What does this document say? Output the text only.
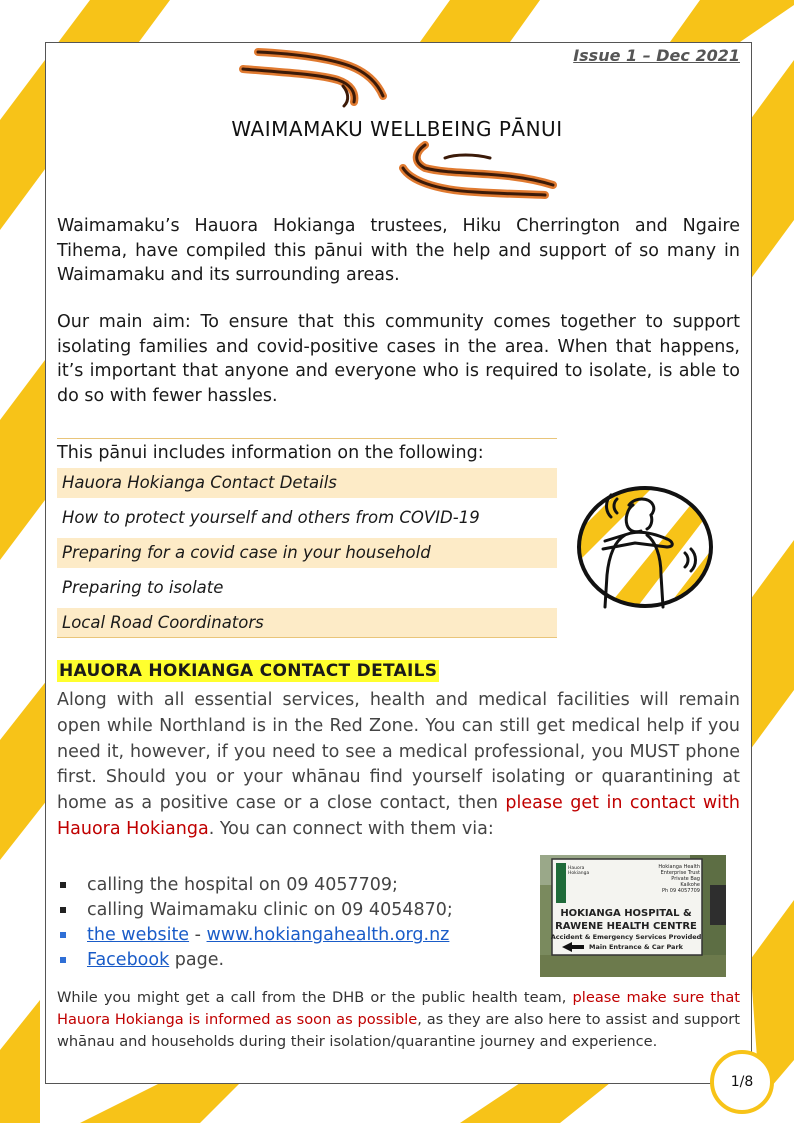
Issue 1 – Dec 2021
WAIMAMAKU WELLBEING PĀNUI

Waimamaku’s Hauora Hokianga trustees, Hiku Cherrington and Ngaire Tihema, have compiled this pānui with the help and support of so many in Waimamaku and its surrounding areas.

Our main aim: To ensure that this community comes together to support isolating families and covid-positive cases in the area. When that happens, it’s important that anyone and everyone who is required to isolate, is able to do so with fewer hassles.

This pānui includes information on the following:
Hauora Hokianga Contact Details
How to protect yourself and others from COVID-19
Preparing for a covid case in your household
Preparing to isolate
Local Road Coordinators
HAUORA HOKIANGA CONTACT DETAILS

Along with all essential services, health and medical facilities will remain open while Northland is in the Red Zone. You can still get medical help if you need it, however, if you need to see a medical professional, you MUST phone first. Should you or your whānau find yourself isolating or quarantining at home as a positive case or a close contact, then please get in contact with Hauora Hokianga. You can connect with them via:

Hauora
Hokianga
Hokianga Health
Enterprise Trust
Private Bag
Kaikohe
Ph 09 4057709
HOKIANGA HOSPITAL &
RAWENE HEALTH CENTRE
Accident & Emergency Services Provided
Main Entrance & Car Park
calling the hospital on 09 4057709;
calling Waimamaku clinic on 09 4054870;
the website - www.hokiangahealth.org.nz
Facebook page.

While you might get a call from the DHB or the public health team, please make sure that Hauora Hokianga is informed as soon as possible, as they are also here to assist and support whānau and households during their isolation/quarantine journey and experience.

1/8
